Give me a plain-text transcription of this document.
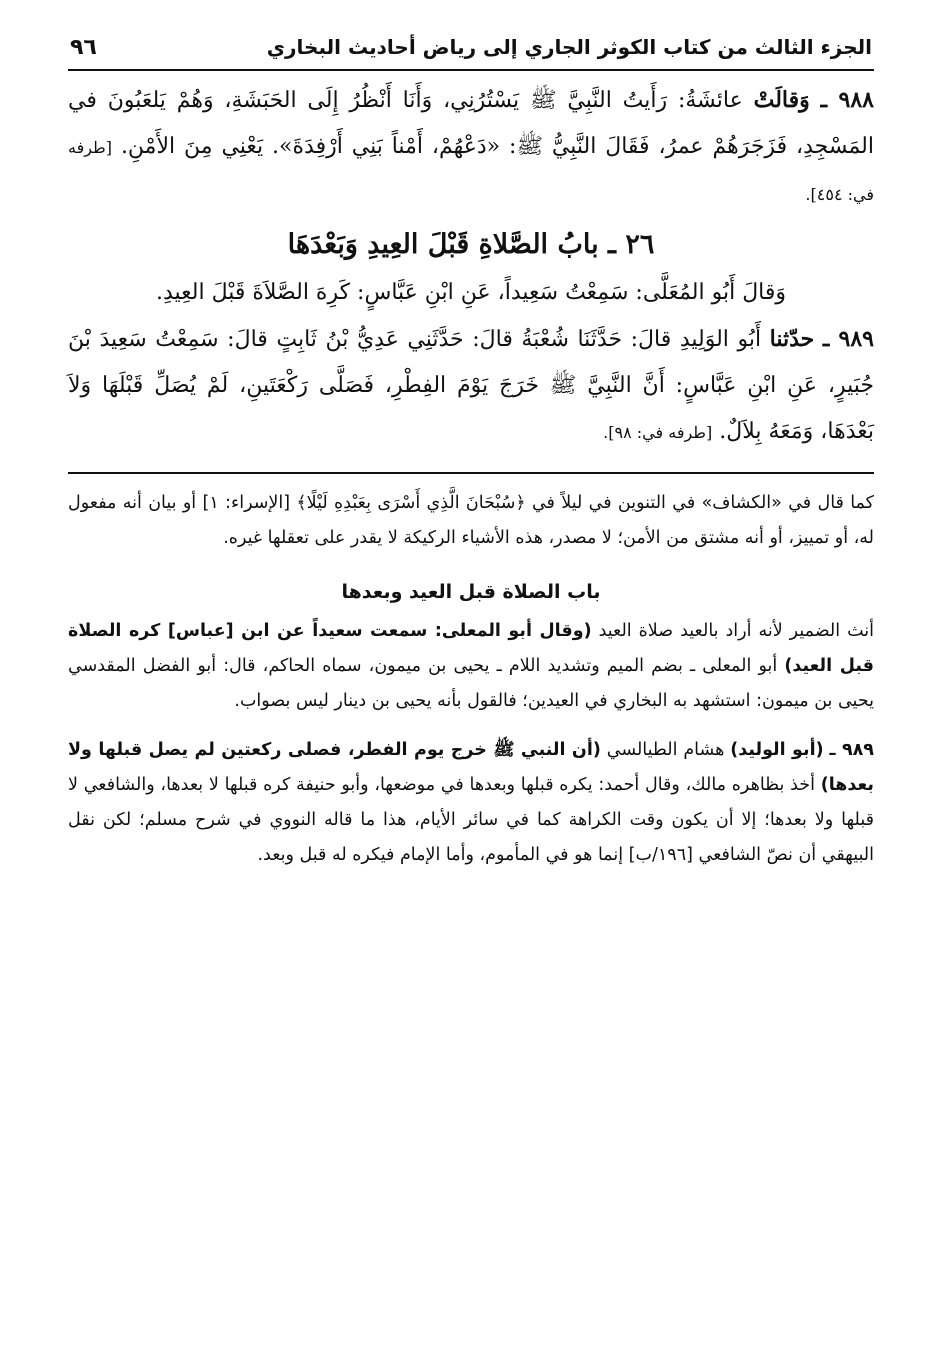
الجزء الثالث من كتاب الكوثر الجاري إلى رياض أحاديث البخاري
٩٦

٩٨٨ ـ وَقالَتْ عائشَةُ: رَأَيتُ النَّبِيَّ ﷺ يَسْتُرُنِي، وَأَنَا أَنْظُرُ إِلَى الحَبَشَةِ، وَهُمْ يَلعَبُونَ في المَسْجِدِ، فَزَجَرَهُمْ عمرُ، فَقَالَ النَّبِيُّ ﷺ: «دَعْهُمْ، أَمْناً بَنِي أَرْفِدَةَ». يَعْنِي مِنَ الأَمْنِ. [طرفه في: ٤٥٤].

٢٦ ـ بابُ الصَّلاةِ قَبْلَ العِيدِ وَبَعْدَهَا

وَقالَ أَبُو المُعَلَّى: سَمِعْتُ سَعِيداً، عَنِ ابْنِ عَبَّاسٍ: كَرِهَ الصَّلاَةَ قَبْلَ العِيدِ.

٩٨٩ ـ حدّثنا أَبُو الوَلِيدِ قالَ: حَدَّثَنَا شُعْبَةُ قالَ: حَدَّثَنِي عَدِيُّ بْنُ ثَابِتٍ قالَ: سَمِعْتُ سَعِيدَ بْنَ جُبَيرٍ، عَنِ ابْنِ عَبَّاسٍ: أَنَّ النَّبِيَّ ﷺ خَرَجَ يَوْمَ الفِطْرِ، فَصَلَّى رَكْعَتَينِ، لَمْ يُصَلِّ قَبْلَهَا وَلاَ بَعْدَهَا، وَمَعَهُ بِلاَلٌ. [طرفه في: ٩٨].

كما قال في «الكشاف» في التنوين في ليلاً في ﴿سُبْحَانَ الَّذِي أَسْرَى بِعَبْدِهِ لَيْلًا﴾ [الإسراء: ١] أو بيان أنه مفعول له، أو تمييز، أو أنه مشتق من الأمن؛ لا مصدر، هذه الأشياء الركيكة لا يقدر على تعقلها غيره.

باب الصلاة قبل العيد وبعدها

أنث الضمير لأنه أراد بالعيد صلاة العيد (وقال أبو المعلى: سمعت سعيداً عن ابن [عباس] كره الصلاة قبل العيد) أبو المعلى ـ بضم الميم وتشديد اللام ـ يحيى بن ميمون، سماه الحاكم، قال: أبو الفضل المقدسي يحيى بن ميمون: استشهد به البخاري في العيدين؛ فالقول بأنه يحيى بن دينار ليس بصواب.

٩٨٩ ـ (أبو الوليد) هشام الطيالسي (أن النبي ﷺ خرج يوم الفطر، فصلى ركعتين لم يصل قبلها ولا بعدها) أخذ بظاهره مالك، وقال أحمد: يكره قبلها وبعدها في موضعها، وأبو حنيفة كره قبلها لا بعدها، والشافعي لا قبلها ولا بعدها؛ إلا أن يكون وقت الكراهة كما في سائر الأيام، هذا ما قاله النووي في شرح مسلم؛ لكن نقل البيهقي أن نصّ الشافعي [١٩٦/ب] إنما هو في المأموم، وأما الإمام فيكره له قبل وبعد.
